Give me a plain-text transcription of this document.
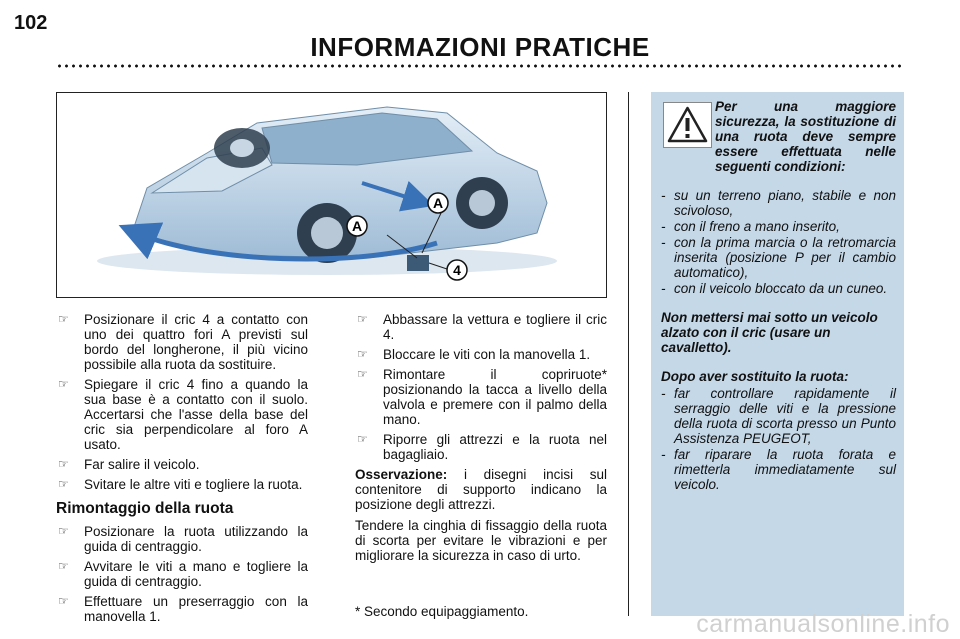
102
INFORMAZIONI PRATICHE
A
A
4
☞ Posizionare il cric 4 a contatto con uno dei quattro fori A previsti sul bordo del longherone, il più vicino possibile alla ruota da sostituire.
☞ Spiegare il cric 4 fino a quando la sua base è a contatto con il suolo. Accertarsi che l'asse della base del cric sia perpendicolare al foro A usato.
☞ Far salire il veicolo.
☞ Svitare le altre viti e togliere la ruota.
Rimontaggio della ruota
☞ Posizionare la ruota utilizzando la guida di centraggio.
☞ Avvitare le viti a mano e togliere la guida di centraggio.
☞ Effettuare un preserraggio con la manovella 1.
☞ Abbassare la vettura e togliere il cric 4.
☞ Bloccare le viti con la manovella 1.
☞ Rimontare il copriruote* posizionando la tacca a livello della valvola e premere con il palmo della mano.
☞ Riporre gli attrezzi e la ruota nel bagagliaio.
Osservazione: i disegni incisi sul contenitore di supporto indicano la posizione degli attrezzi.
Tendere la cinghia di fissaggio della ruota di scorta per evitare le vibrazioni e per migliorare la sicurezza in caso di urto.
* Secondo equipaggiamento.
Per una maggiore sicurezza, la sostituzione di una ruota deve sempre essere effettuata nelle seguenti condizioni:
- su un terreno piano, stabile e non scivoloso,
- con il freno a mano inserito,
- con la prima marcia o la retromarcia inserita (posizione P per il cambio automatico),
- con il veicolo bloccato da un cuneo.
Non mettersi mai sotto un veicolo alzato con il cric (usare un cavalletto).
Dopo aver sostituito la ruota:
- far controllare rapidamente il serraggio delle viti e la pressione della ruota di scorta presso un Punto Assistenza PEUGEOT,
- far riparare la ruota forata e rimetterla immediatamente sul veicolo.
carmanualsonline.info
